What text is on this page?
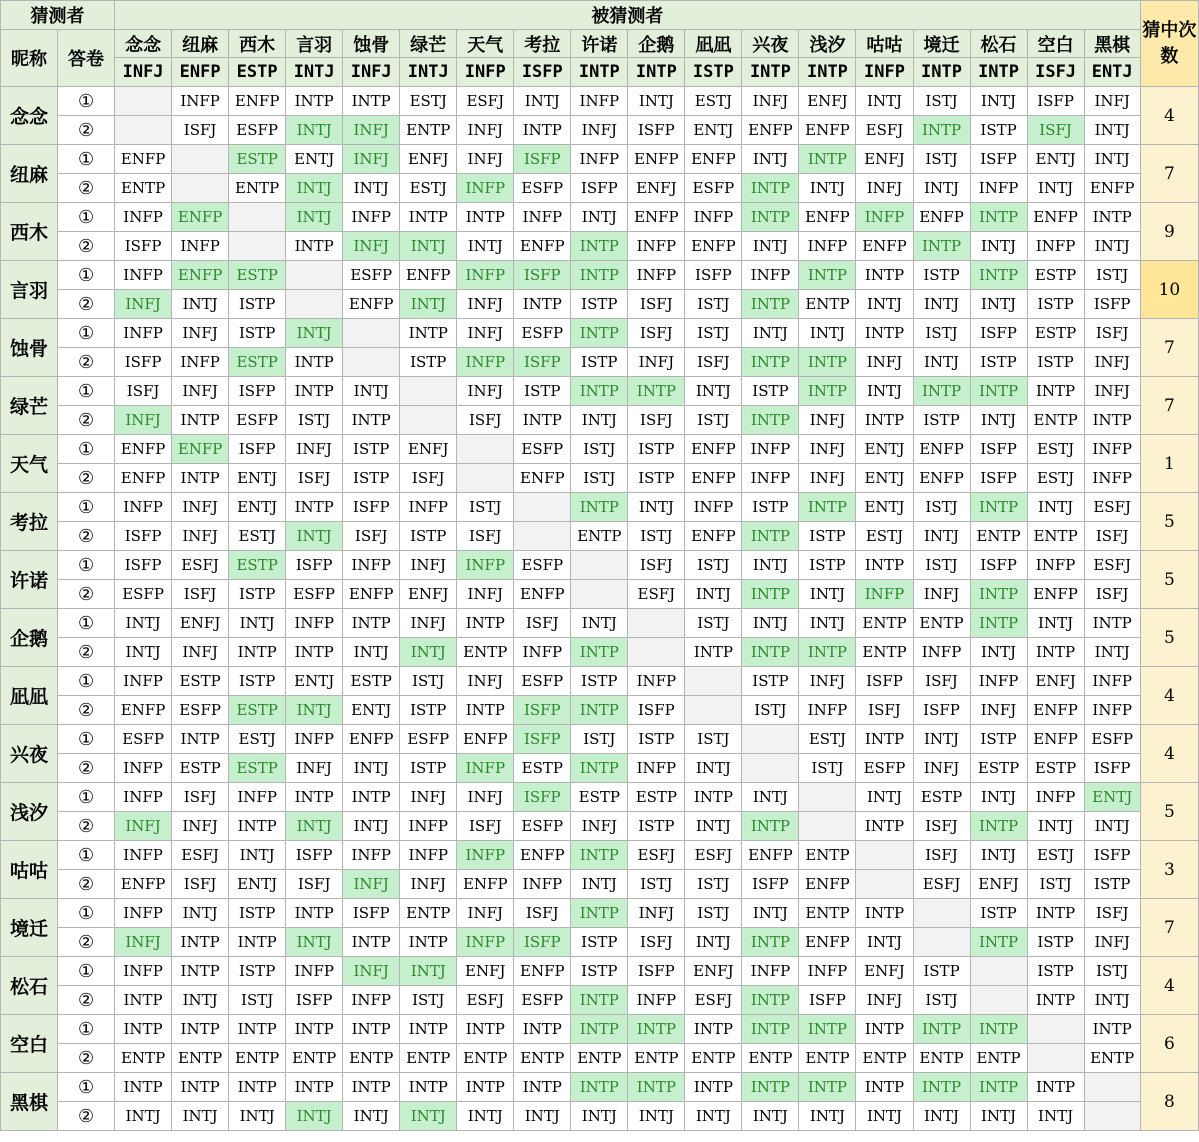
猜测者		被猜测者																		猜中次数
昵称	答卷	念念	纽麻	西木	言羽	蚀骨	绿芒	天气	考拉	许诺	企鹅	凪凪	兴夜	浅汐	咕咕	境迁	松石	空白	黑棋	
		INFJ	ENFP	ESTP	INTJ	INFJ	INTJ	INFP	ISFP	INTP	INTP	ISTP	INTP	INTP	INFP	INTP	INTP	ISFJ	ENTJ	
念念	①		INFP	ENFP	INTP	INTP	ESTJ	ESFJ	INTJ	INFP	INTJ	ESTJ	INFJ	ENFJ	INTJ	ISTJ	INTJ	ISFP	INFJ	4
	②		ISFJ	ESFP	INTJ	INFJ	ENTP	INFJ	INTP	INFJ	ISFP	ENTJ	ENFP	ENFP	ESFJ	INTP	ISTP	ISFJ	INTJ	
纽麻	①	ENFP		ESTP	ENTJ	INFJ	ENFJ	INFJ	ISFP	INFP	ENFP	ENFP	INTJ	INTP	ENFJ	ISTJ	ISFP	ENTJ	INTJ	7
	②	ENTP		ENTP	INTJ	INTJ	ESTJ	INFP	ESFP	ISFP	ENFJ	ESFP	INTP	INTJ	INFJ	INTJ	INFP	INTJ	ENFP	
西木	①	INFP	ENFP		INTJ	INFP	INTP	INTP	INFP	INTJ	ENFP	INFP	INTP	ENFP	INFP	ENFP	INTP	ENFP	INTP	9
	②	ISFP	INFP		INTP	INFJ	INTJ	INTJ	ENFP	INTP	INFP	ENFP	INTJ	INFP	ENFP	INTP	INTJ	INFP	INTJ	
言羽	①	INFP	ENFP	ESTP		ESFP	ENFP	INFP	ISFP	INTP	INFP	ISFP	INFP	INTP	INTP	ISTP	INTP	ESTP	ISTJ	10
	②	INFJ	INTJ	ISTP		ENFP	INTJ	INFJ	INTP	ISTP	ISFJ	ISTJ	INTP	ENTP	INTJ	INTJ	INTJ	ISTP	ISFP	
蚀骨	①	INFP	INFJ	ISTP	INTJ		INTP	INFJ	ESFP	INTP	ISFJ	ISTJ	INTJ	INTJ	INTP	ISTJ	ISFP	ESTP	ISFJ	7
	②	ISFP	INFP	ESTP	INTP		ISTP	INFP	ISFP	ISTP	INFJ	ISFJ	INTP	INTP	INFJ	INTJ	ISTP	ISTP	INFJ	
绿芒	①	ISFJ	INFJ	ISFP	INTP	INTJ		INFJ	ISTP	INTP	INTP	INTJ	ISTP	INTP	INTJ	INTP	INTP	INTP	INFJ	7
	②	INFJ	INTP	ESFP	ISTJ	INTP		ISFJ	INTP	INTJ	ISFJ	ISTJ	INTP	INFJ	INTP	ISTP	INTJ	ENTP	INTP	
天气	①	ENFP	ENFP	ISFP	INFJ	ISTP	ENFJ		ESFP	ISTJ	ISTP	ENFP	INFP	INFJ	ENTJ	ENFP	ISFP	ESTJ	INFP	1
	②	ENFP	INTP	ENTJ	ISFJ	ISTP	ISFJ		ENFP	ISTJ	ISTP	ENFP	INFP	INFJ	ENTJ	ENFP	ISFP	ESTJ	INFP	
考拉	①	INFP	INFJ	ENTJ	INTP	ISFP	INFP	ISTJ		INTP	INTJ	INFP	ISTP	INTP	ENTJ	ISTJ	INTP	INTJ	ESFJ	5
	②	ISFP	INFJ	ESTJ	INTJ	ISFJ	ISTP	ISFJ		ENTP	ISTJ	ENFP	INTP	ISTP	ESTJ	INTJ	ENTP	ENTP	ISFJ	
许诺	①	ISFP	ESFJ	ESTP	ISFP	INFP	INFJ	INFP	ESFP		ISFJ	ISTJ	INTJ	ISTP	INTP	ISTJ	ISFP	INFP	ESFJ	5
	②	ESFP	ISFJ	ISTP	ESFP	ENFP	ENFJ	INFJ	ENFP		ESFJ	INTJ	INTP	INTJ	INFP	INFJ	INTP	ENFP	ISFJ	
企鹅	①	INTJ	ENFJ	INTJ	INFP	INTP	INFJ	INTP	ISFJ	INTJ		ISTJ	INTJ	INTJ	ENTP	ENTP	INTP	INTJ	INTP	5
	②	INTJ	INFJ	INTP	INTP	INTJ	INTJ	ENTP	INFP	INTP		INTP	INTP	INTP	ENTP	INFP	INTJ	INTP	INTJ	
凪凪	①	INFP	ESTP	ISTP	ENTJ	ESTP	ISTJ	INFJ	ESFP	ISTP	INFP		ISTP	INFJ	ISFP	ISFJ	INFP	ENFJ	INFP	4
	②	ENFP	ESFP	ESTP	INTJ	ENTJ	ISTP	INTP	ISFP	INTP	ISFP		ISTJ	INFP	ISFJ	ISFP	INFJ	ENFP	INFP	
兴夜	①	ESFP	INTP	ESTJ	INFP	ENFP	ESFP	ENFP	ISFP	ISTJ	ISTP	ISTJ		ESTJ	INTP	INTJ	ISTP	ENFP	ESFP	4
	②	INFP	ESTP	ESTP	INFJ	INTJ	ISTP	INFP	ESTP	INTP	INFP	INTJ		ISTJ	ESFP	INFJ	ESTP	ESTP	ISFP	
浅汐	①	INFP	ISFJ	INFP	INTP	INTP	INFJ	INFJ	ISFP	ESTP	ESTP	INTP	INTJ		INTJ	ESTP	INTJ	INFP	ENTJ	5
	②	INFJ	INFJ	INTP	INTJ	INTJ	INFP	ISFJ	ESFP	INFJ	ISTP	INTJ	INTP		INTP	ISFJ	INTP	INTJ	INTJ	
咕咕	①	INFP	ESFJ	INTJ	ISFP	INFP	INFP	INFP	ENFP	INTP	ESFJ	ESFJ	ENFP	ENTP		ISFJ	INTJ	ESTJ	ISFP	3
	②	ENFP	ISFJ	ENTJ	ISFJ	INFJ	INFJ	ENFP	INFP	INTJ	ISTJ	ISTJ	ISFP	ENFP		ESFJ	ENFJ	ISTJ	ISTP	
境迁	①	INFP	INTJ	ISTP	INTP	ISFP	ENTP	INFJ	ISFJ	INTP	INFJ	ISTJ	INTJ	ENTP	INTP		ISTP	INTP	ISFJ	7
	②	INFJ	INTP	INTP	INTJ	INTP	INTP	INFP	ISFP	ISTP	ISFJ	INTJ	INTP	ENFP	INTJ		INTP	ISTP	INFJ	
松石	①	INFP	INTP	ISTP	INFP	INFJ	INTJ	ENFJ	ENFP	ISTP	ISFP	ENFJ	INFP	INFP	ENFJ	ISTP		ISTP	ISTJ	4
	②	INTP	INTJ	ISTJ	ISFP	INFP	ISTJ	ESFJ	ESFP	INTP	INFP	ESFJ	INTP	ISFP	INFJ	ISTJ		INTP	INTJ	
空白	①	INTP	INTP	INTP	INTP	INTP	INTP	INTP	INTP	INTP	INTP	INTP	INTP	INTP	INTP	INTP	INTP		INTP	6
	②	ENTP	ENTP	ENTP	ENTP	ENTP	ENTP	ENTP	ENTP	ENTP	ENTP	ENTP	ENTP	ENTP	ENTP	ENTP	ENTP		ENTP	
黑棋	①	INTP	INTP	INTP	INTP	INTP	INTP	INTP	INTP	INTP	INTP	INTP	INTP	INTP	INTP	INTP	INTP	INTP		8
	②	INTJ	INTJ	INTJ	INTJ	INTJ	INTJ	INTJ	INTJ	INTJ	INTJ	INTJ	INTJ	INTJ	INTJ	INTJ	INTJ	INTJ		
